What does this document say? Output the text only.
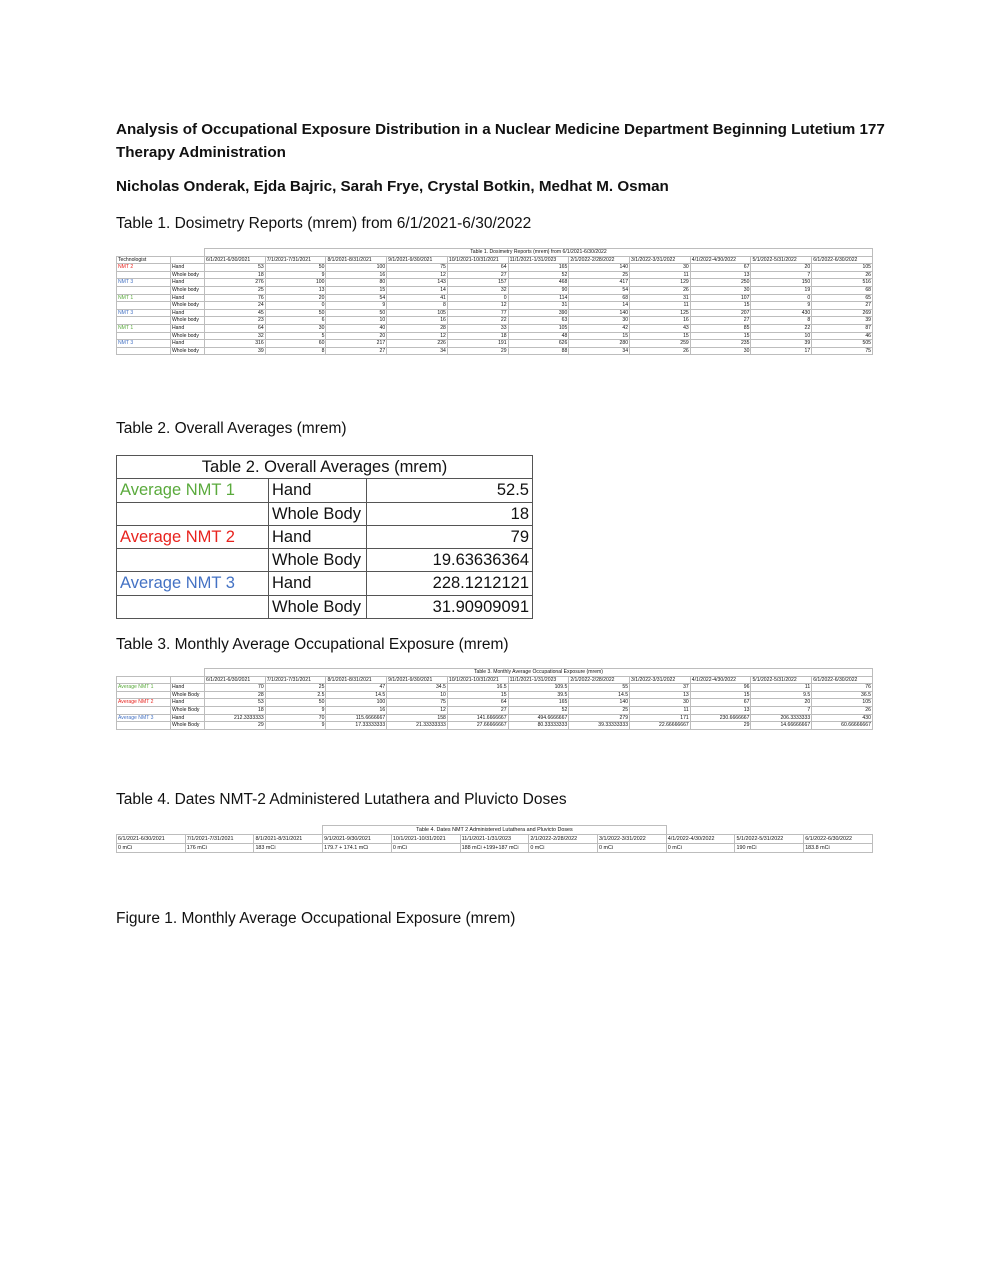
Analysis of Occupational Exposure Distribution in a Nuclear Medicine Department Beginning Lutetium 177 Therapy Administration

Nicholas Onderak, Ejda Bajric, Sarah Frye, Crystal Botkin, Medhat M. Osman

Table 1. Dosimetry Reports (mrem) from 6/1/2021-6/30/2022

		Table 1. Dosimetry Reports (mrem) from 6/1/2021-6/30/2022										
Technologist		6/1/2021-6/30/2021	7/1/2021-7/31/2021	8/1/2021-8/31/2021	9/1/2021-9/30/2021	10/1/2021-10/31/2021	11/1/2021-1/31/2023	2/1/2022-2/28/2022	3/1/2022-3/31/2022	4/1/2022-4/30/2022	5/1/2022-5/31/2022	6/1/2022-6/30/2022
NMT 2	Hand	53	50	100	75	64	165	140	30	67	20	105
	Whole body	18	9	16	12	27	52	25	11	13	7	26
NMT 3	Hand	276	100	80	143	157	468	417	129	250	150	516
	Whole body	25	13	15	14	32	90	54	26	30	19	68
NMT 1	Hand	76	20	54	41	0	114	68	31	107	0	65
	Whole body	24	0	9	8	12	31	14	11	15	9	27
NMT 3	Hand	45	50	50	105	77	390	140	125	207	430	269
	Whole body	23	6	10	16	22	63	30	16	27	8	39
NMT 1	Hand	64	30	40	28	33	105	42	43	85	22	87
	Whole body	32	5	20	12	18	48	15	15	15	10	46
NMT 3	Hand	316	60	217	226	191	626	280	259	235	39	505
	Whole body	39	8	27	34	29	88	34	26	30	17	75

Table 2. Overall Averages (mrem)

Table 2. Overall Averages (mrem)		
Average NMT 1	Hand	52.5
	Whole Body	18
Average NMT 2	Hand	79
	Whole Body	19.63636364
Average NMT 3	Hand	228.1212121
	Whole Body	31.90909091

Table 3. Monthly Average Occupational Exposure (mrem)

		Table 3. Monthly Average Occupational Exposure (mrem)										
		6/1/2021-6/30/2021	7/1/2021-7/31/2021	8/1/2021-8/31/2021	9/1/2021-9/30/2021	10/1/2021-10/31/2021	11/1/2021-1/31/2023	2/1/2022-2/28/2022	3/1/2022-3/31/2022	4/1/2022-4/30/2022	5/1/2022-5/31/2022	6/1/2022-6/30/2022
Average NMT 1	Hand	70	25	47	34.5	16.5	109.5	55	37	96	11	76
	Whole Body	28	2.5	14.5	10	15	39.5	14.5	13	15	9.5	36.5
Average NMT 2	Hand	53	50	100	75	64	165	140	30	67	20	105
	Whole Body	18	9	16	12	27	52	25	11	13	7	26
Average NMT 3	Hand	212.3333333	70	115.6666667	158	141.6666667	494.6666667	279	171	230.6666667	206.3333333	430
	Whole Body	29	9	17.33333333	21.33333333	27.66666667	80.33333333	39.33333333	22.66666667	29	14.66666667	60.66666667

Table 4. Dates NMT-2 Administered Lutathera and Pluvicto Doses

			Table 4. Dates NMT 2 Administered Lutathera and Pluvicto Doses							
6/1/2021-6/30/2021	7/1/2021-7/31/2021	8/1/2021-8/31/2021	9/1/2021-9/30/2021	10/1/2021-10/31/2021	11/1/2021-1/31/2023	2/1/2022-2/28/2022	3/1/2022-3/31/2022	4/1/2022-4/30/2022	5/1/2022-5/31/2022	6/1/2022-6/30/2022
0 mCi	176 mCi	183 mCi	179.7 + 174.1 mCi	0 mCi	188 mCi +199+187 mCi	0 mCi	0 mCi	0 mCi	190 mCi	183.8 mCi

Figure 1. Monthly Average Occupational Exposure (mrem)
